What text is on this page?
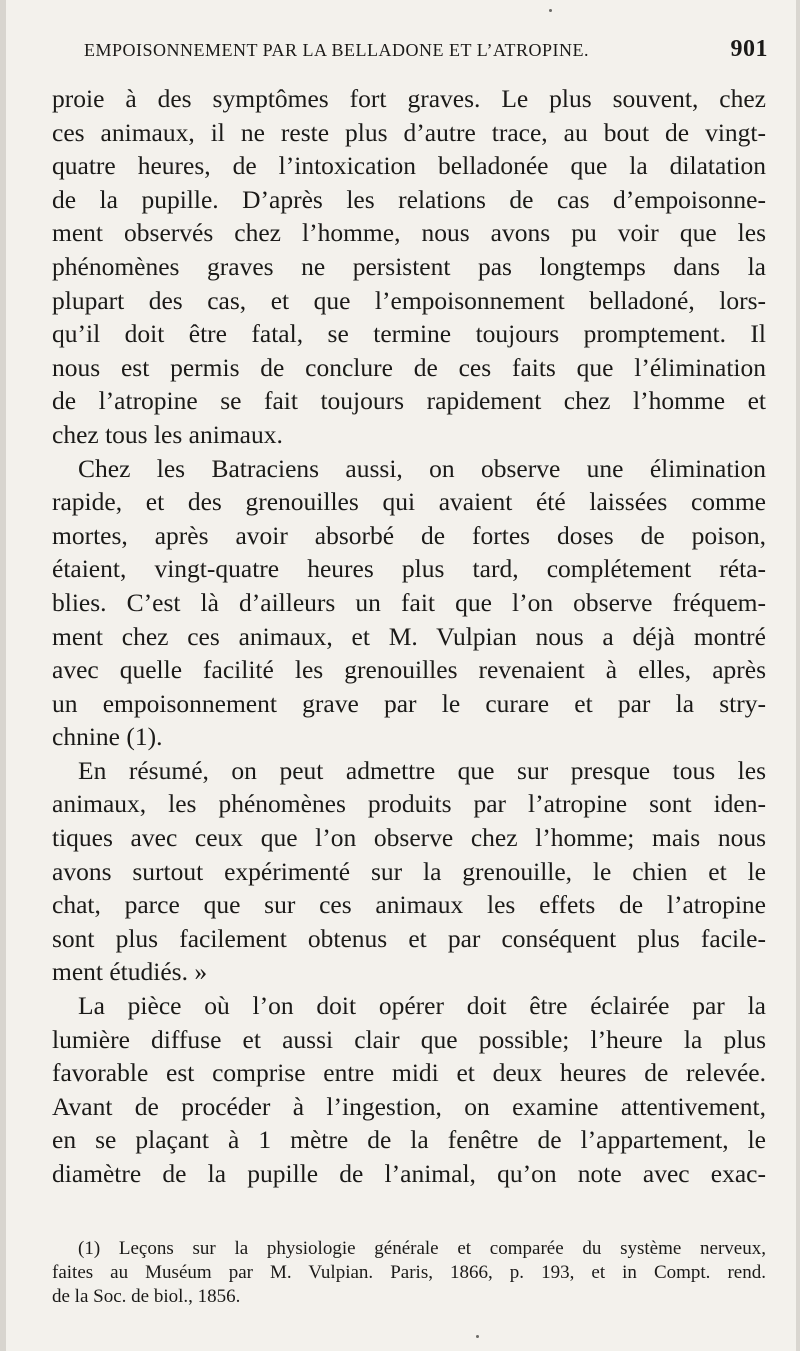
EMPOISONNEMENT PAR LA BELLADONE ET L’ATROPINE.	901
proie à des symptômes fort graves. Le plus souvent, chez
ces animaux, il ne reste plus d’autre trace, au bout de vingt-
quatre heures, de l’intoxication belladonée que la dilatation
de la pupille. D’après les relations de cas d’empoisonne-
ment observés chez l’homme, nous avons pu voir que les
phénomènes graves ne persistent pas longtemps dans la
plupart des cas, et que l’empoisonnement belladoné, lors-
qu’il doit être fatal, se termine toujours promptement. Il
nous est permis de conclure de ces faits que l’élimination
de l’atropine se fait toujours rapidement chez l’homme et
chez tous les animaux.
Chez les Batraciens aussi, on observe une élimination
rapide, et des grenouilles qui avaient été laissées comme
mortes, après avoir absorbé de fortes doses de poison,
étaient, vingt-quatre heures plus tard, complétement réta-
blies. C’est là d’ailleurs un fait que l’on observe fréquem-
ment chez ces animaux, et M. Vulpian nous a déjà montré
avec quelle facilité les grenouilles revenaient à elles, après
un empoisonnement grave par le curare et par la stry-
chnine (1).
En résumé, on peut admettre que sur presque tous les
animaux, les phénomènes produits par l’atropine sont iden-
tiques avec ceux que l’on observe chez l’homme; mais nous
avons surtout expérimenté sur la grenouille, le chien et le
chat, parce que sur ces animaux les effets de l’atropine
sont plus facilement obtenus et par conséquent plus facile-
ment étudiés. »
La pièce où l’on doit opérer doit être éclairée par la
lumière diffuse et aussi clair que possible; l’heure la plus
favorable est comprise entre midi et deux heures de relevée.
Avant de procéder à l’ingestion, on examine attentivement,
en se plaçant à 1 mètre de la fenêtre de l’appartement, le
diamètre de la pupille de l’animal, qu’on note avec exac-
(1) Leçons sur la physiologie générale et comparée du système nerveux,
faites au Muséum par M. Vulpian. Paris, 1866, p. 193, et in Compt. rend.
de la Soc. de biol., 1856.
